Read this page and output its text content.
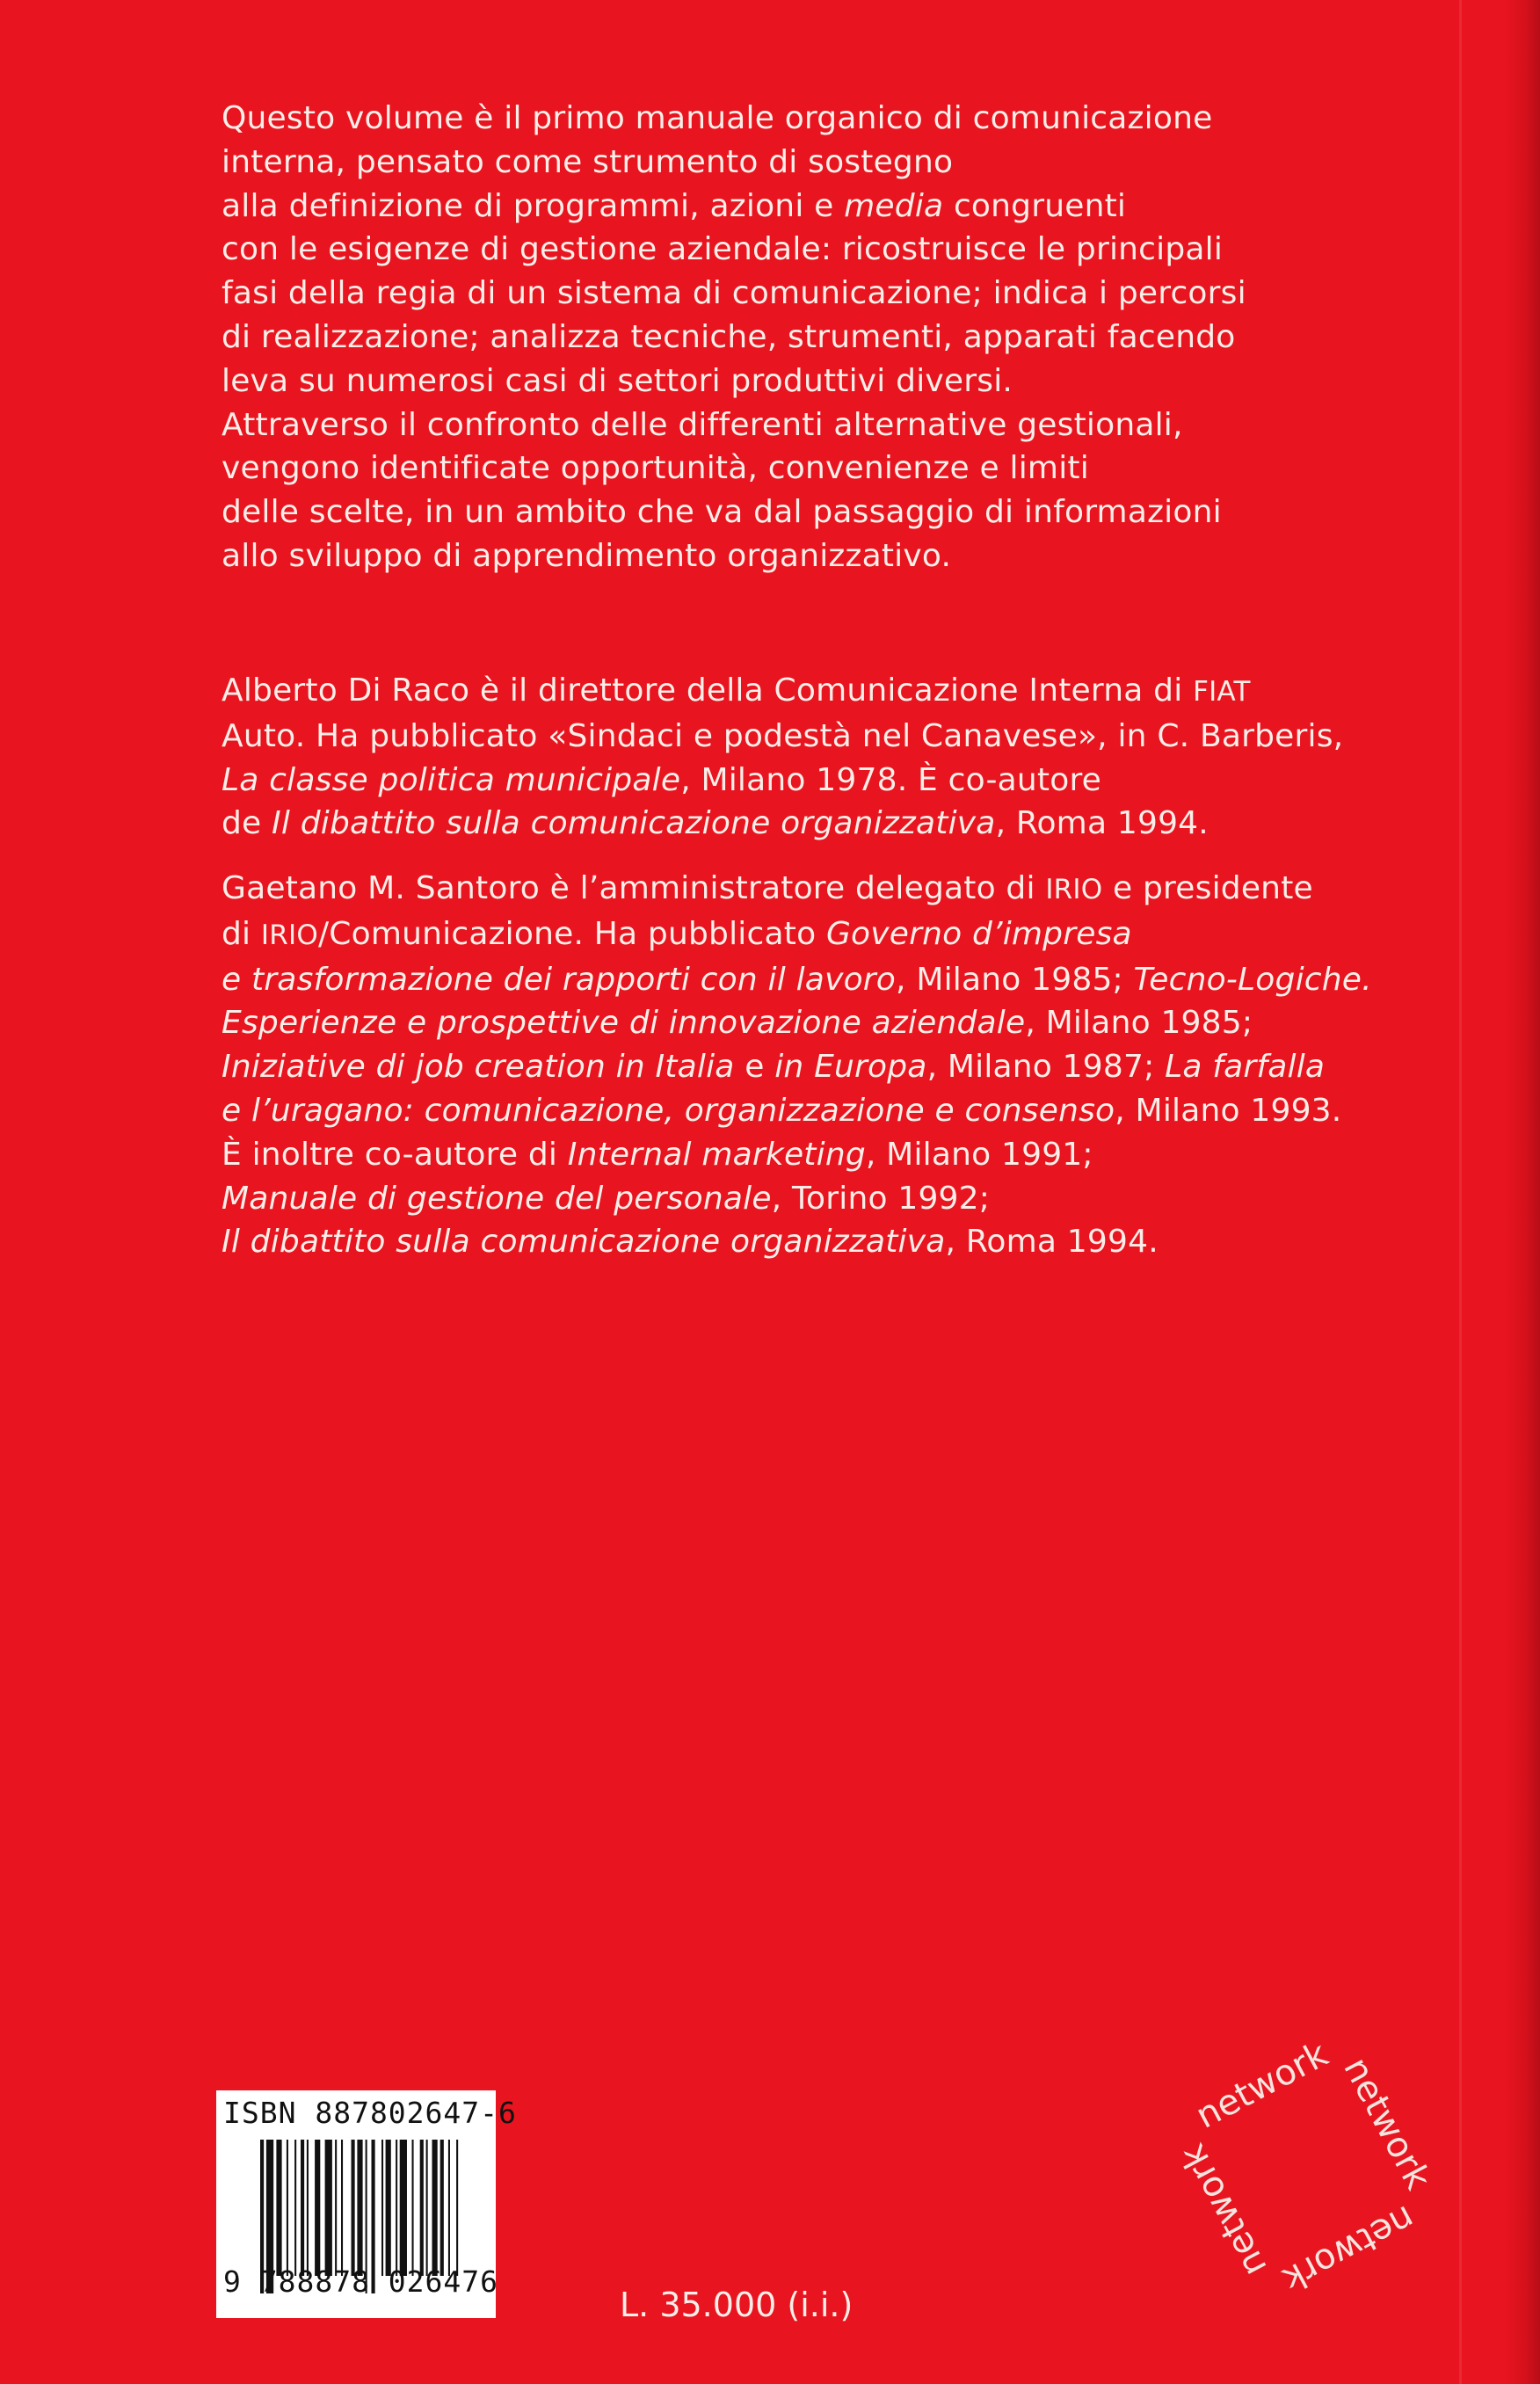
Questo volume è il primo manuale organico di comunicazione
interna, pensato come strumento di sostegno
alla definizione di programmi, azioni e media congruenti
con le esigenze di gestione aziendale: ricostruisce le principali
fasi della regia di un sistema di comunicazione; indica i percorsi
di realizzazione; analizza tecniche, strumenti, apparati facendo
leva su numerosi casi di settori produttivi diversi.
Attraverso il confronto delle differenti alternative gestionali,
vengono identificate opportunità, convenienze e limiti
delle scelte, in un ambito che va dal passaggio di informazioni
allo sviluppo di apprendimento organizzativo.
Alberto Di Raco è il direttore della Comunicazione Interna di FIAT
Auto. Ha pubblicato «Sindaci e podestà nel Canavese», in C. Barberis,
La classe politica municipale, Milano 1978. È co-autore
de Il dibattito sulla comunicazione organizzativa, Roma 1994.
Gaetano M. Santoro è l’amministratore delegato di IRIO e presidente
di IRIO/Comunicazione. Ha pubblicato Governo d’impresa
e trasformazione dei rapporti con il lavoro, Milano 1985; Tecno-Logiche.
Esperienze e prospettive di innovazione aziendale, Milano 1985;
Iniziative di job creation in Italia e in Europa, Milano 1987; La farfalla
e l’uragano: comunicazione, organizzazione e consenso, Milano 1993.
È inoltre co-autore di Internal marketing, Milano 1991;
Manuale di gestione del personale, Torino 1992;
Il dibattito sulla comunicazione organizzativa, Roma 1994.
ISBN 887802647-6
9 788878 026476
L. 35.000 (i.i.)
network network
network
network
